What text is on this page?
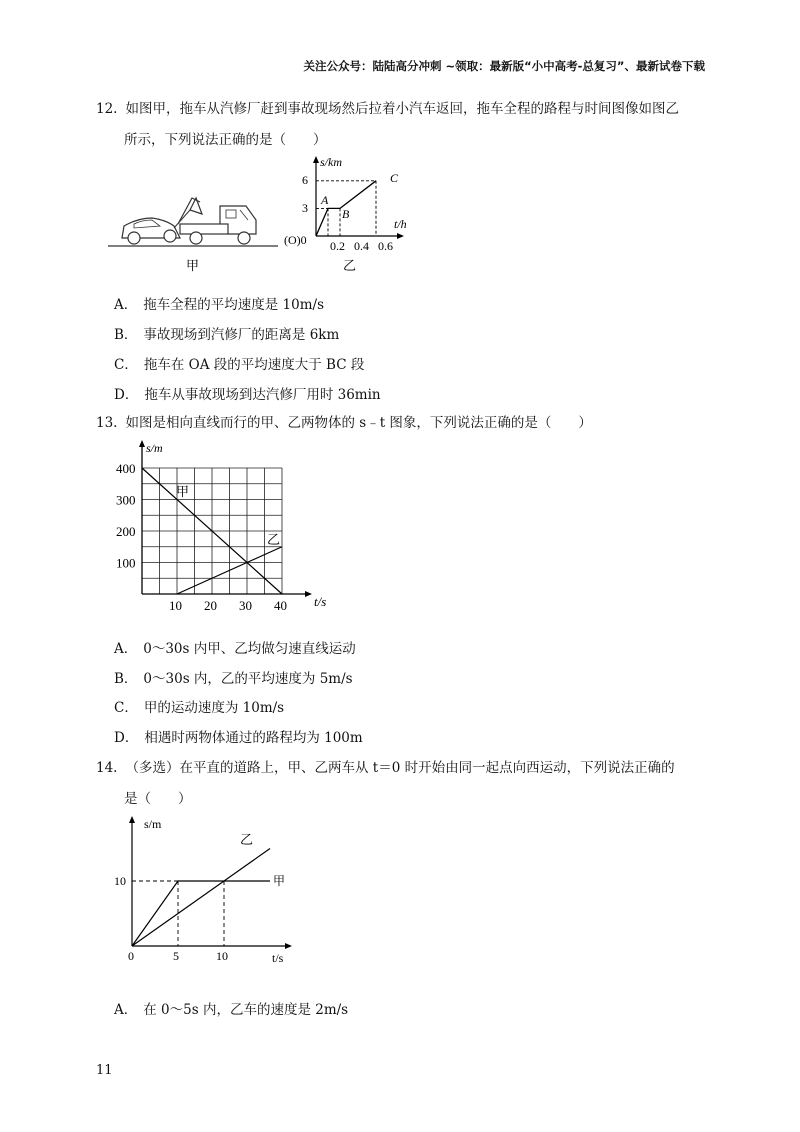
关注公众号：陆陆高分冲刺 ~领取：最新版“小中高考-总复习”、最新试卷下载
12. 如图甲，拖车从汽修厂赶到事故现场然后拉着小汽车返回，拖车全程的路程与时间图像如图乙
所示，下列说法正确的是（　　）
甲
s/km
t/h
(O)0
6
3
0.2 0.4 0.6
A
B
C
乙
A． 拖车全程的平均速度是 10m/s
B． 事故现场到汽修厂的距离是 6km
C． 拖车在 OA 段的平均速度大于 BC 段
D． 拖车从事故现场到达汽修厂用时 36min
13. 如图是相向直线而行的甲、乙两物体的 s﹣t 图象，下列说法正确的是（　　）
s/m
t/s
100
200
300
400
10 20 30 40
甲
乙
A． 0～30s 内甲、乙均做匀速直线运动
B． 0～30s 内，乙的平均速度为 5m/s
C． 甲的运动速度为 10m/s
D． 相遇时两物体通过的路程均为 100m
14. （多选）在平直的道路上，甲、乙两车从 t＝0 时开始由同一起点向西运动，下列说法正确的
是（　　）
s/m
t/s
0	5	10
10	甲
乙
A． 在 0～5s 内，乙车的速度是 2m/s
11
